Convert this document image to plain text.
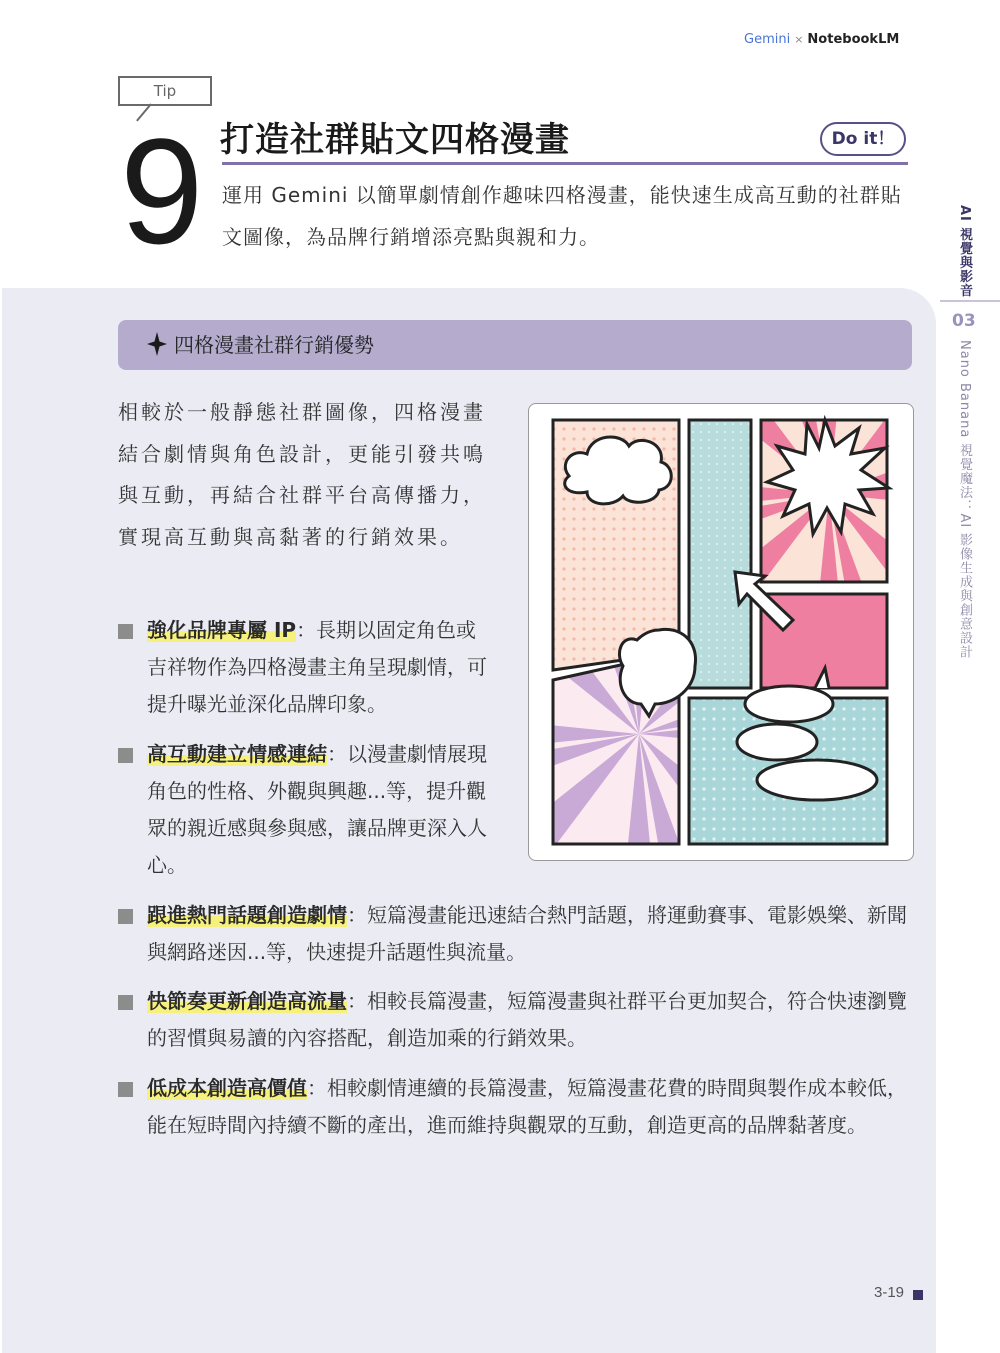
Gemini × NotebookLM
Tip
9 打造社群貼文四格漫畫	Do it！
運用 Gemini 以簡單劇情創作趣味四格漫畫，能快速生成高互動的社群貼文圖像，為品牌行銷增添亮點與親和力。	AI 視覺與影音
03
Nano Banana 視覺魔法：AI 影像生成與創意設計
四格漫畫社群行銷優勢
相較於一般靜態社群圖像，四格漫畫結合劇情與角色設計，更能引發共鳴與互動，再結合社群平台高傳播力，實現高互動與高黏著的行銷效果。
強化品牌專屬 IP：長期以固定角色或吉祥物作為四格漫畫主角呈現劇情，可提升曝光並深化品牌印象。
高互動建立情感連結：以漫畫劇情展現角色的性格、外觀與興趣...等，提升觀眾的親近感與參與感，讓品牌更深入人心。
跟進熱門話題創造劇情：短篇漫畫能迅速結合熱門話題，將運動賽事、電影娛樂、新聞與網路迷因...等，快速提升話題性與流量。
快節奏更新創造高流量：相較長篇漫畫，短篇漫畫與社群平台更加契合，符合快速瀏覽的習慣與易讀的內容搭配，創造加乘的行銷效果。
低成本創造高價值：相較劇情連續的長篇漫畫，短篇漫畫花費的時間與製作成本較低，能在短時間內持續不斷的產出，進而維持與觀眾的互動，創造更高的品牌黏著度。
3-19
